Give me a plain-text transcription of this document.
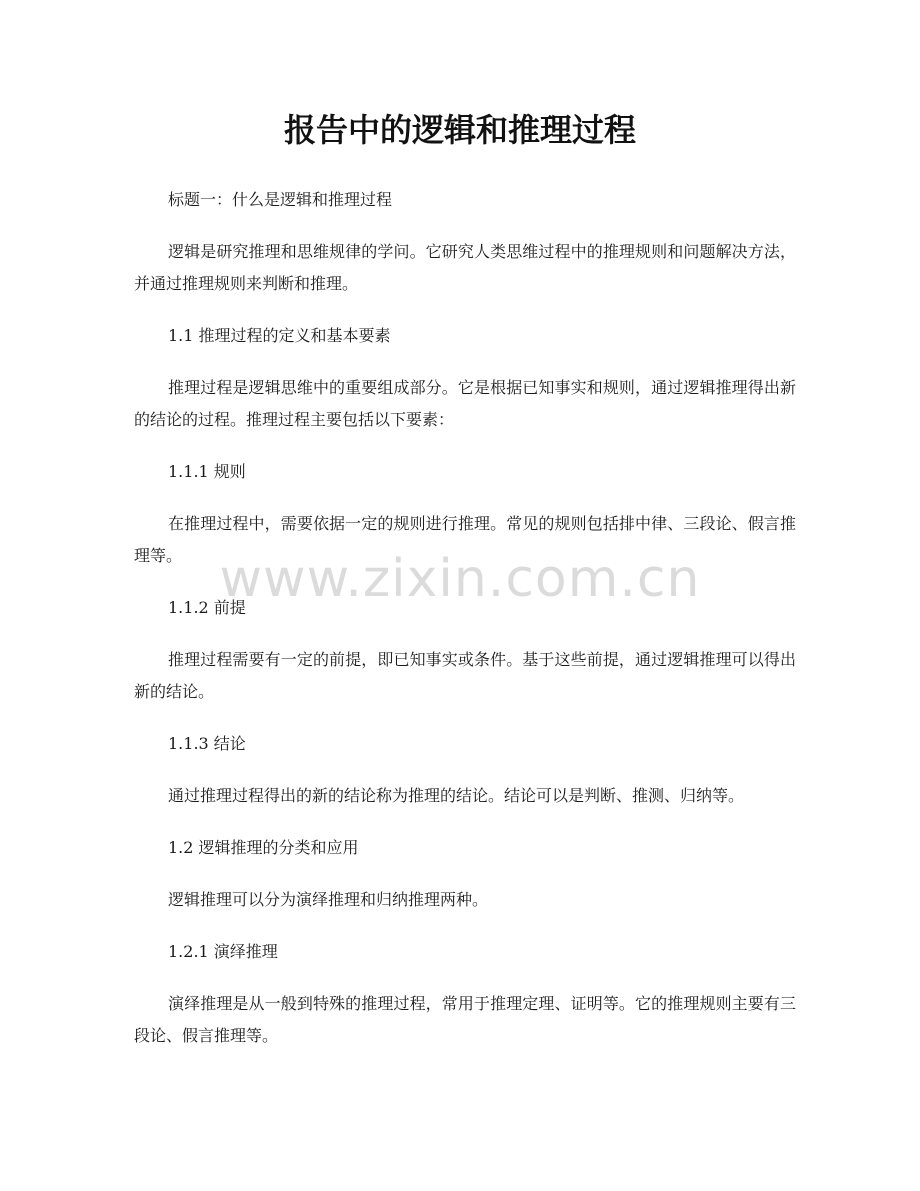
报告中的逻辑和推理过程

标题一：什么是逻辑和推理过程

逻辑是研究推理和思维规律的学问。它研究人类思维过程中的推理规则和问题解决方法，并通过推理规则来判断和推理。

1.1 推理过程的定义和基本要素

推理过程是逻辑思维中的重要组成部分。它是根据已知事实和规则，通过逻辑推理得出新的结论的过程。推理过程主要包括以下要素：

1.1.1 规则

在推理过程中，需要依据一定的规则进行推理。常见的规则包括排中律、三段论、假言推理等。

1.1.2 前提

推理过程需要有一定的前提，即已知事实或条件。基于这些前提，通过逻辑推理可以得出新的结论。

1.1.3 结论

通过推理过程得出的新的结论称为推理的结论。结论可以是判断、推测、归纳等。

1.2 逻辑推理的分类和应用

逻辑推理可以分为演绎推理和归纳推理两种。

1.2.1 演绎推理

演绎推理是从一般到特殊的推理过程，常用于推理定理、证明等。它的推理规则主要有三段论、假言推理等。

www.zixin.com.cn
